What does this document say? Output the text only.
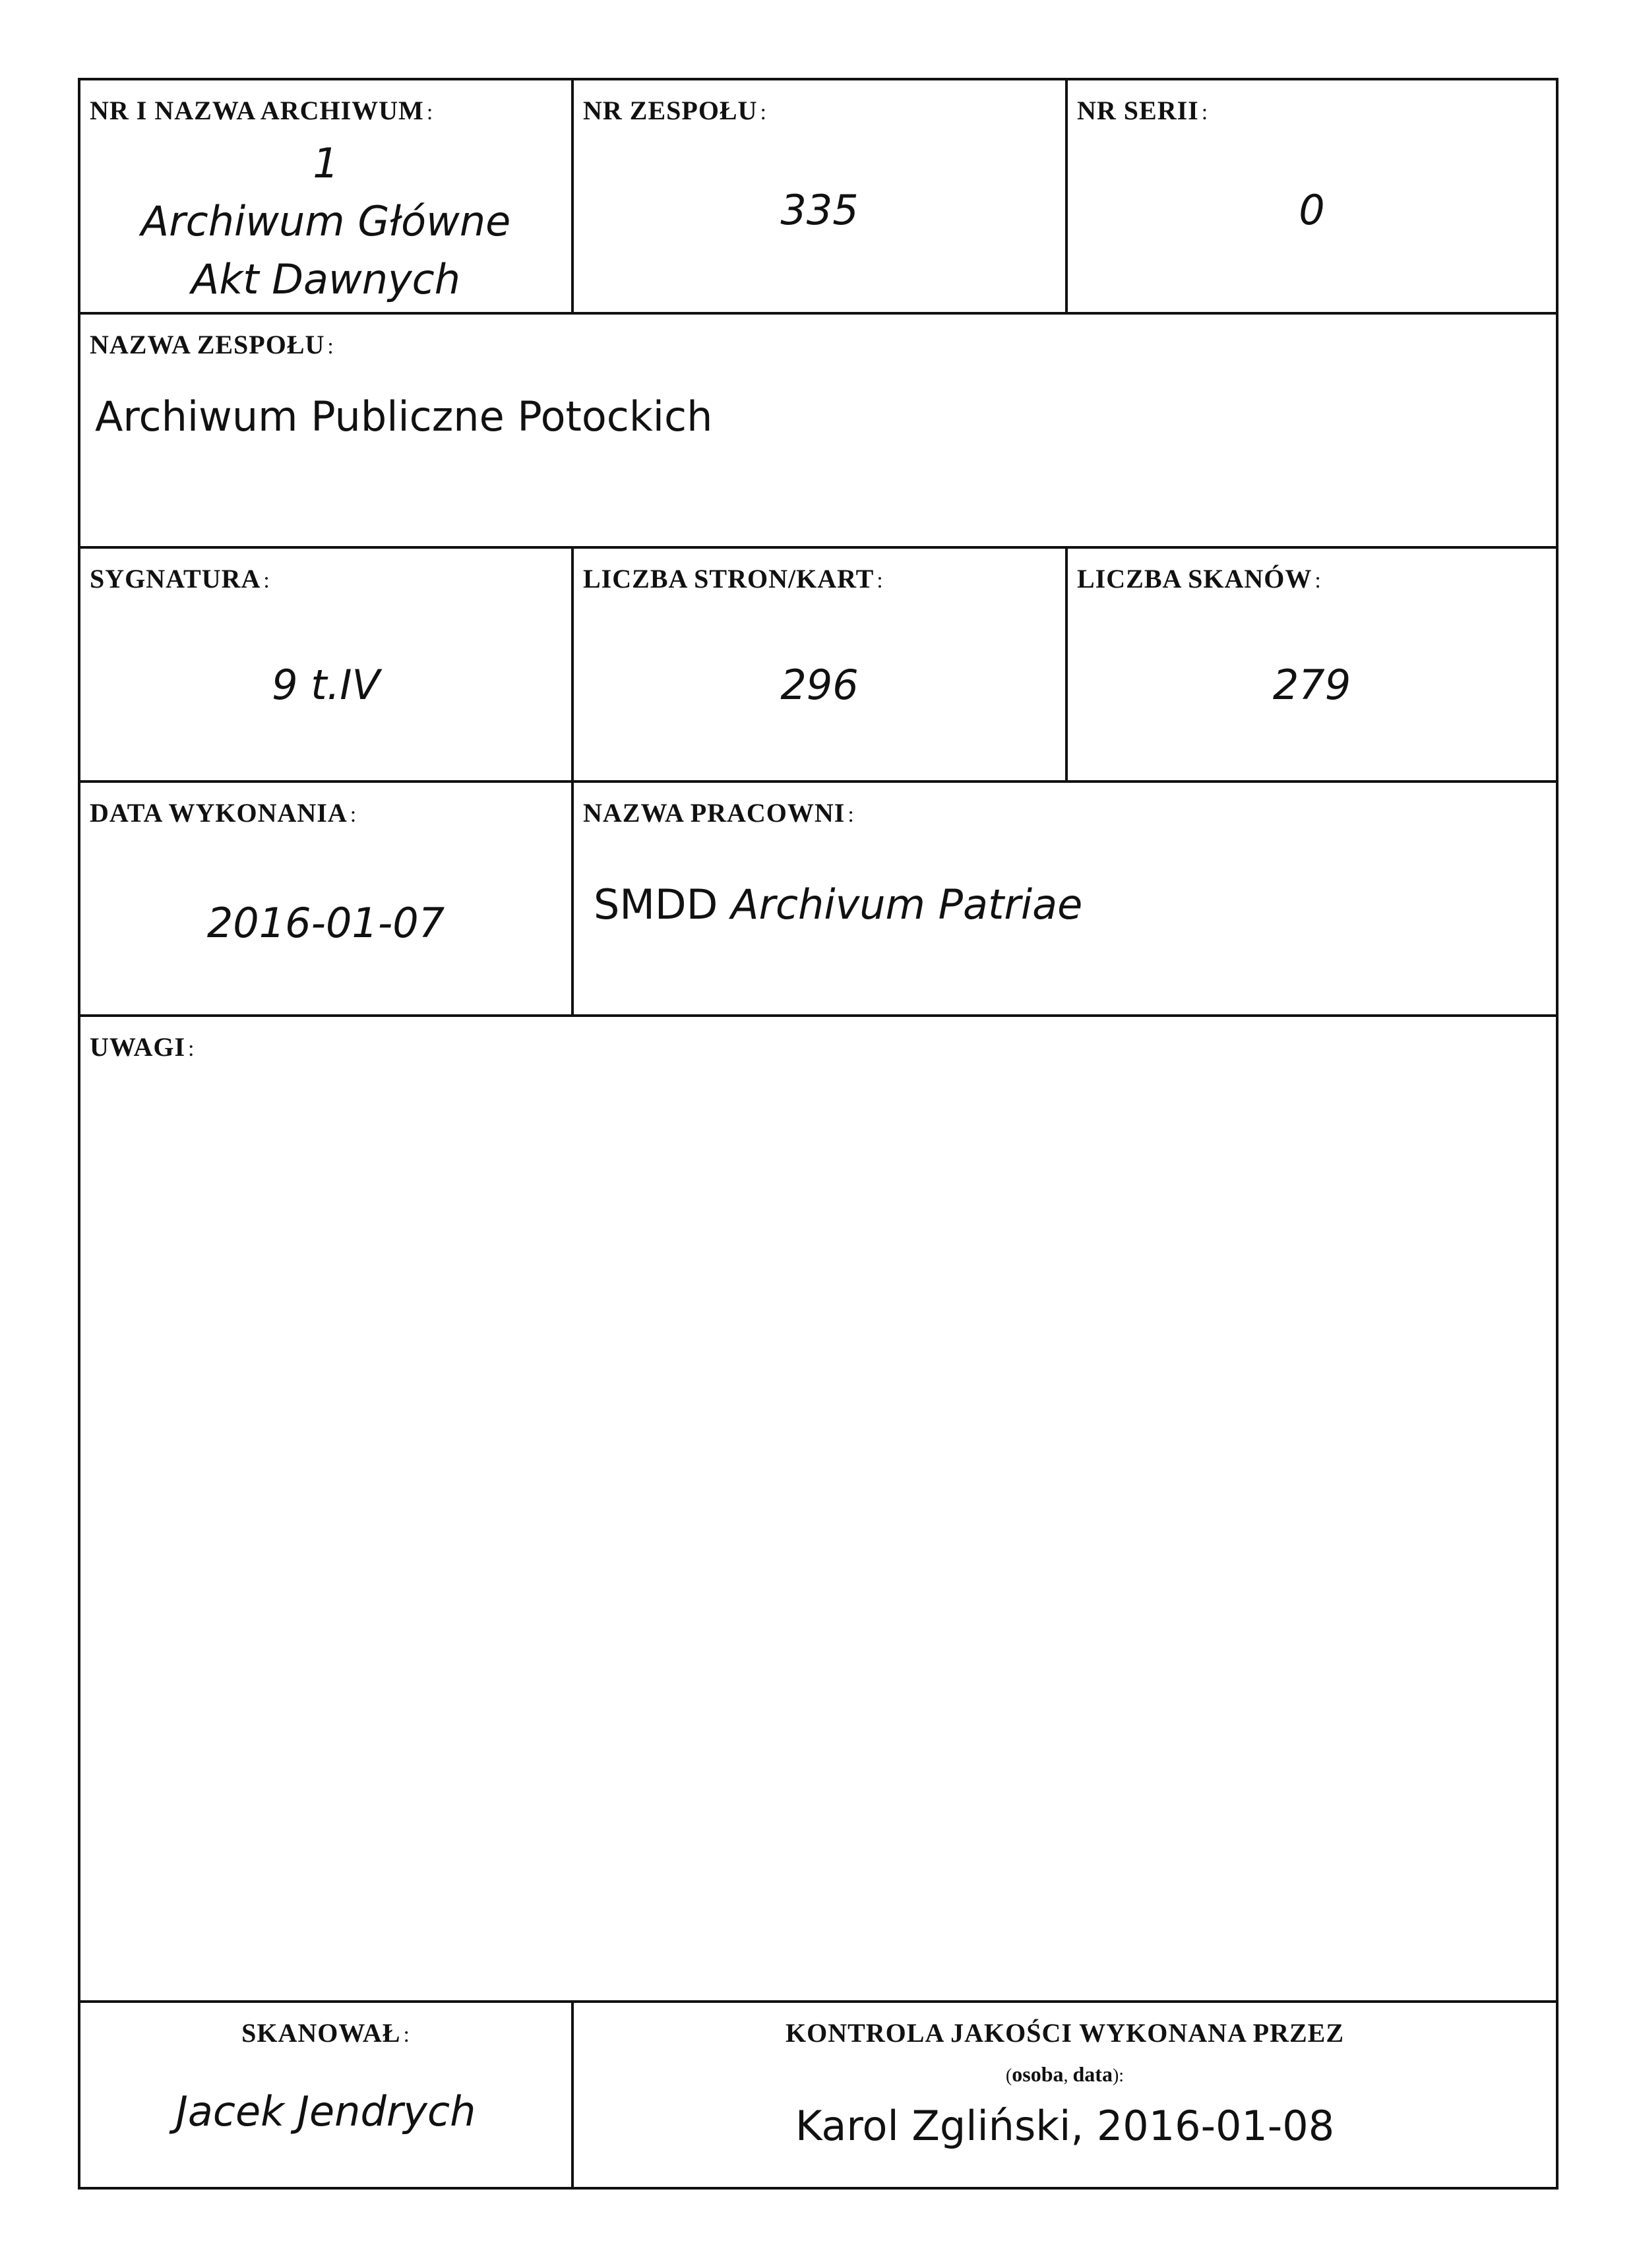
NR I NAZWA ARCHIWUM :
1
Archiwum Główne
Akt Dawnych
NR ZESPOŁU :
335
NR SERII :
0
NAZWA ZESPOŁU :
Archiwum Publiczne Potockich
SYGNATURA :
9 t.IV
LICZBA STRON/KART :
296
LICZBA SKANÓW :
279
DATA WYKONANIA :
2016-01-07
NAZWA PRACOWNI :
SMDD Archivum Patriae
UWAGI :
SKANOWAŁ :
Jacek Jendrych
KONTROLA JAKOŚCI WYKONANA PRZEZ
(osoba, data):
Karol Zgliński, 2016-01-08
